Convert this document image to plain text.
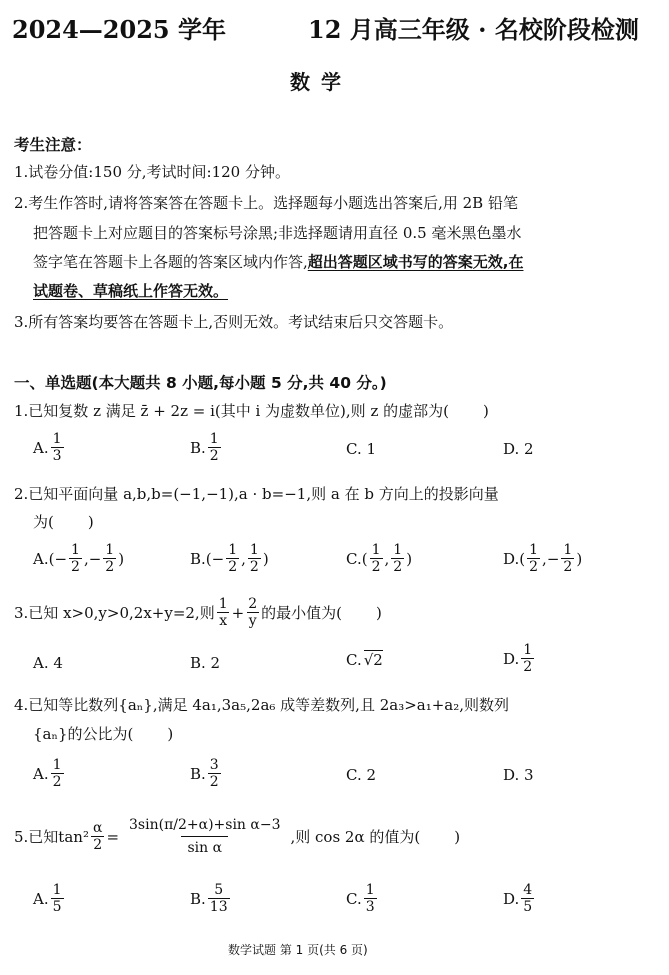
2024—2025 学年	12 月高三年级 · 名校阶段检测
数 学
考生注意：
1.试卷分值:150 分,考试时间:120 分钟。
2.考生作答时,请将答案答在答题卡上。选择题每小题选出答案后,用 2B 铅笔
把答题卡上对应题目的答案标号涂黑;非选择题请用直径 0.5 毫米黑色墨水
签字笔在答题卡上各题的答案区域内作答,超出答题区域书写的答案无效,在
试题卷、草稿纸上作答无效。
3.所有答案均要答在答题卡上,否则无效。考试结束后只交答题卡。
一、单选题(本大题共 8 小题,每小题 5 分,共 40 分。)
1.已知复数 z 满足 z̄ + 2z = i(其中 i 为虚数单位),则 z 的虚部为( )
A. $\frac{1}{3}$	B. $\frac{1}{2}$	C. 1	D. 2
2.已知平面向量 a,b,b=(−1,−1),a · b=−1,则 a 在 b 方向上的投影向量
为( )
A. (− $\frac{1}{2}$ ,− $\frac{1}{2}$ )	B. (− $\frac{1}{2}$ , $\frac{1}{2}$ )	C. ( $\frac{1}{2}$ , $\frac{1}{2}$ )	D. ( $\frac{1}{2}$ ,− $\frac{1}{2}$ )
3.已知 x>0,y>0,2x+y=2,则 $\frac{1}{x} + \frac{2}{y}$ 的最小值为( )
A. 4	B. 2	C. √2	D. $\frac{1}{2}$
4.已知等比数列{aₙ},满足 4a₁,3a₅,2a₆ 成等差数列,且 2a₃>a₁+a₂,则数列
{aₙ}的公比为( )
A. $\frac{1}{2}$	B. $\frac{3}{2}$	C. 2	D. 3
5.已知$\tan^2 \frac{\alpha}{2} = \frac{\text{3sin(π/2+α)+sin α−3}}{\text{sin α}}$ ,则 cos 2α 的值为( )
A. $\frac{1}{5}$	B. $\frac{5}{13}$	C. $\frac{1}{3}$	D. $\frac{4}{5}$
数学试题 第 1 页(共 6 页)
